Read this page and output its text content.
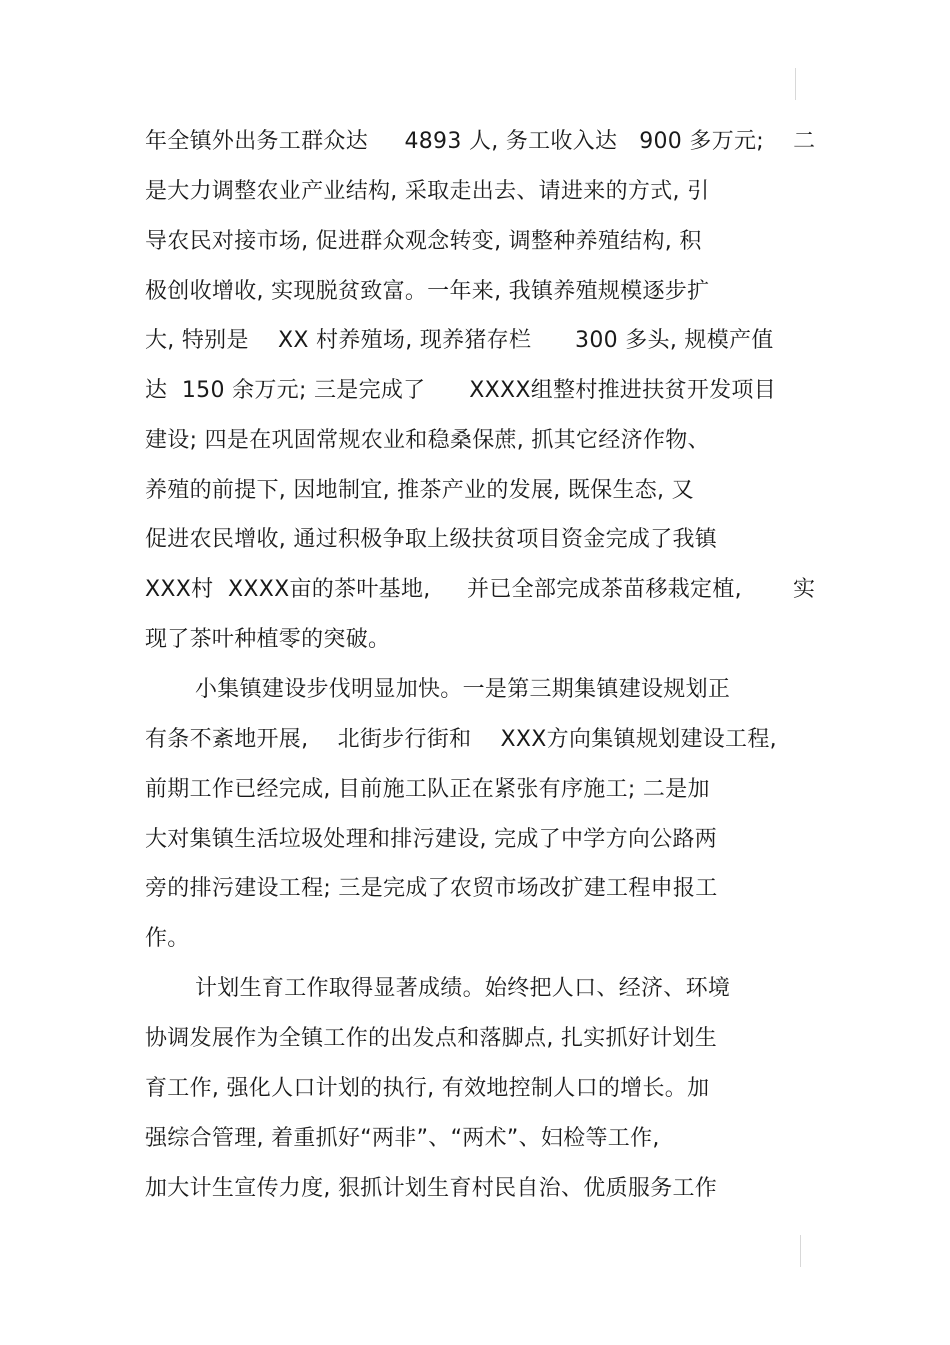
年全镇外出务工群众达     4893 人, 务工收入达   900 多万元;    二
是大力调整农业产业结构, 采取走出去、请进来的方式, 引
导农民对接市场, 促进群众观念转变, 调整种养殖结构, 积
极创收增收, 实现脱贫致富。一年来, 我镇养殖规模逐步扩
大, 特别是    XX 村养殖场, 现养猪存栏      300 多头, 规模产值
达  150 余万元; 三是完成了      XXXX组整村推进扶贫开发项目
建设; 四是在巩固常规农业和稳桑保蔗, 抓其它经济作物、
养殖的前提下, 因地制宜, 推茶产业的发展, 既保生态, 又
促进农民增收, 通过积极争取上级扶贫项目资金完成了我镇
XXX村  XXXX亩的茶叶基地,     并已全部完成茶苗移栽定植,       实
现了茶叶种植零的突破。
小集镇建设步伐明显加快。一是第三期集镇建设规划正
有条不紊地开展,    北街步行街和    XXX方向集镇规划建设工程,
前期工作已经完成, 目前施工队正在紧张有序施工; 二是加
大对集镇生活垃圾处理和排污建设, 完成了中学方向公路两
旁的排污建设工程; 三是完成了农贸市场改扩建工程申报工
作。
计划生育工作取得显著成绩。始终把人口、经济、环境
协调发展作为全镇工作的出发点和落脚点, 扎实抓好计划生
育工作, 强化人口计划的执行, 有效地控制人口的增长。加
强综合管理, 着重抓好“两非”、“两术”、妇检等工作,
加大计生宣传力度, 狠抓计划生育村民自治、优质服务工作
